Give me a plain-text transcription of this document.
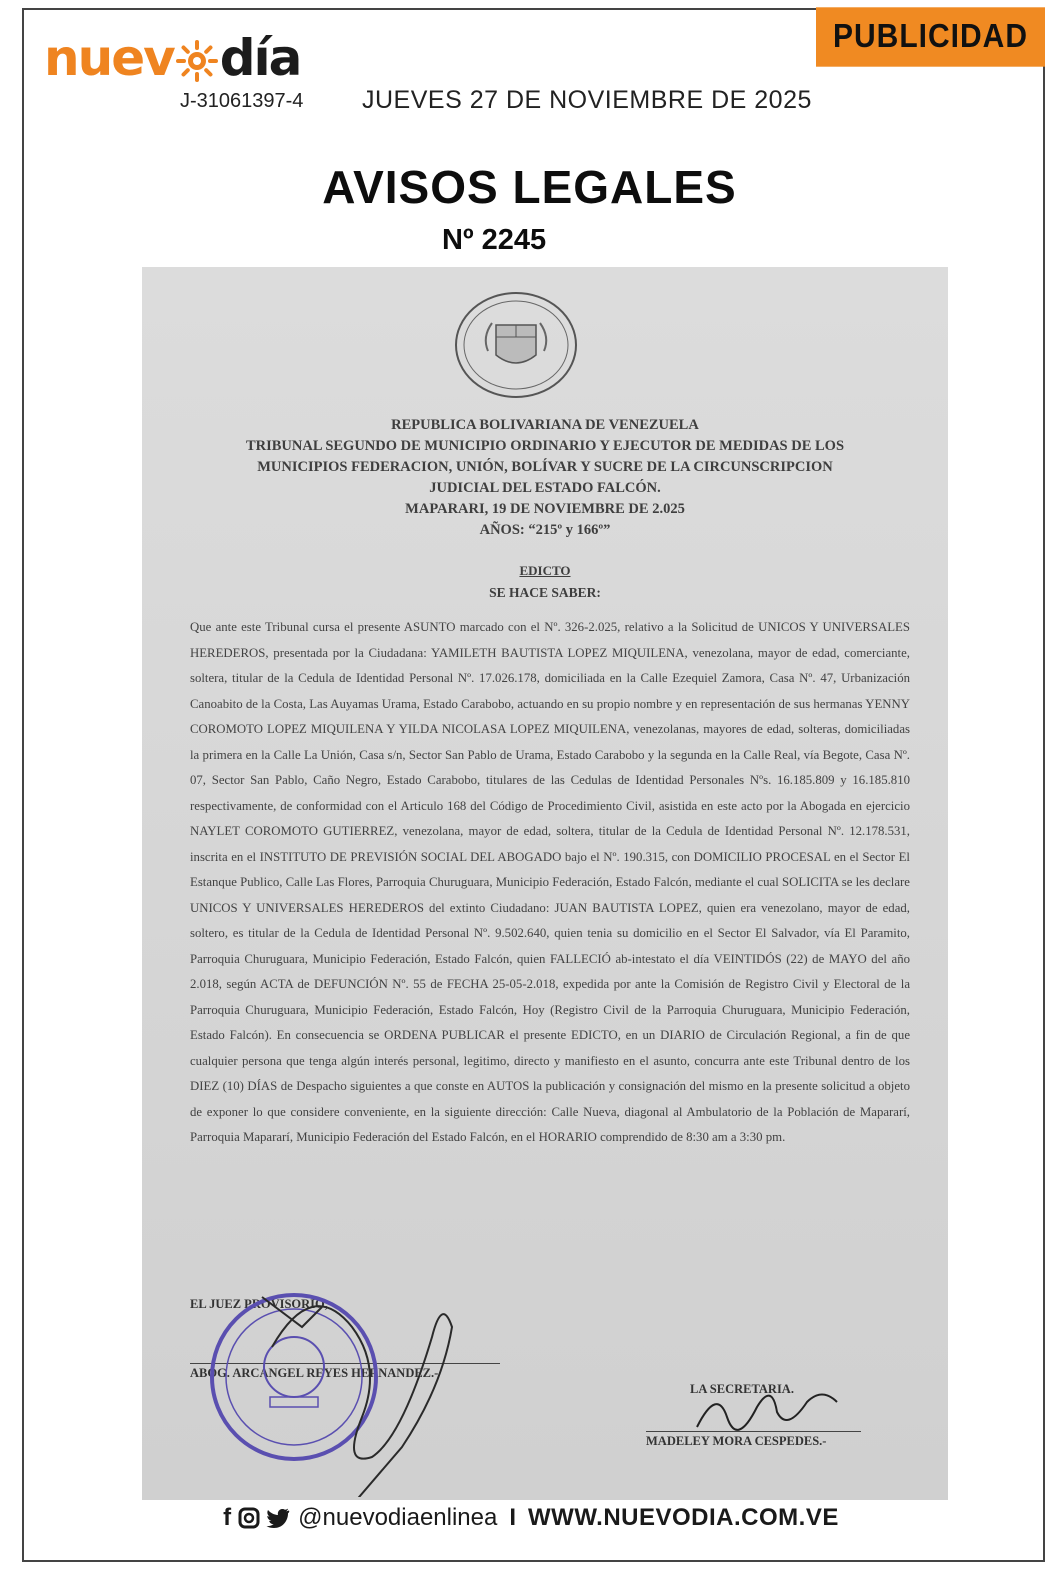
PUBLICIDAD
nuev día
J-31061397-4 JUEVES 27 DE NOVIEMBRE DE 2025
AVISOS LEGALES
Nº 2245
REPUBLICA BOLIVARIANA DE VENEZUELA
TRIBUNAL SEGUNDO DE MUNICIPIO ORDINARIO Y EJECUTOR DE MEDIDAS DE LOS
MUNICIPIOS FEDERACION, UNIÓN, BOLÍVAR Y SUCRE DE LA CIRCUNSCRIPCION
JUDICIAL DEL ESTADO FALCÓN.
MAPARARI, 19 DE NOVIEMBRE DE 2.025
AÑOS: “215º y 166º”
EDICTO
SE HACE SABER:
Que ante este Tribunal cursa el presente ASUNTO marcado con el Nº. 326-2.025, relativo a la Solicitud de UNICOS Y UNIVERSALES HEREDEROS, presentada por la Ciudadana: YAMILETH BAUTISTA LOPEZ MIQUILENA, venezolana, mayor de edad, comerciante, soltera, titular de la Cedula de Identidad Personal Nº. 17.026.178, domiciliada en la Calle Ezequiel Zamora, Casa Nº. 47, Urbanización Canoabito de la Costa, Las Auyamas Urama, Estado Carabobo, actuando en su propio nombre y en representación de sus hermanas YENNY COROMOTO LOPEZ MIQUILENA Y YILDA NICOLASA LOPEZ MIQUILENA, venezolanas, mayores de edad, solteras, domiciliadas la primera en la Calle La Unión, Casa s/n, Sector San Pablo de Urama, Estado Carabobo y la segunda en la Calle Real, vía Begote, Casa Nº. 07, Sector San Pablo, Caño Negro, Estado Carabobo, titulares de las Cedulas de Identidad Personales Nºs. 16.185.809 y 16.185.810 respectivamente, de conformidad con el Articulo 168 del Código de Procedimiento Civil, asistida en este acto por la Abogada en ejercicio NAYLET COROMOTO GUTIERREZ, venezolana, mayor de edad, soltera, titular de la Cedula de Identidad Personal Nº. 12.178.531, inscrita en el INSTITUTO DE PREVISIÓN SOCIAL DEL ABOGADO bajo el Nº. 190.315, con DOMICILIO PROCESAL en el Sector El Estanque Publico, Calle Las Flores, Parroquia Churuguara, Municipio Federación, Estado Falcón, mediante el cual SOLICITA se les declare UNICOS Y UNIVERSALES HEREDEROS del extinto Ciudadano: JUAN BAUTISTA LOPEZ, quien era venezolano, mayor de edad, soltero, es titular de la Cedula de Identidad Personal Nº. 9.502.640, quien tenia su domicilio en el Sector El Salvador, vía El Paramito, Parroquia Churuguara, Municipio Federación, Estado Falcón, quien FALLECIÓ ab-intestato el día VEINTIDÓS (22) de MAYO del año 2.018, según ACTA de DEFUNCIÓN Nº. 55 de FECHA 25-05-2.018, expedida por ante la Comisión de Registro Civil y Electoral de la Parroquia Churuguara, Municipio Federación, Estado Falcón, Hoy (Registro Civil de la Parroquia Churuguara, Municipio Federación, Estado Falcón). En consecuencia se ORDENA PUBLICAR el presente EDICTO, en un DIARIO de Circulación Regional, a fin de que cualquier persona que tenga algún interés personal, legitimo, directo y manifiesto en el asunto, concurra ante este Tribunal dentro de los DIEZ (10) DÍAS de Despacho siguientes a que conste en AUTOS la publicación y consignación del mismo en la presente solicitud a objeto de exponer lo que considere conveniente, en la siguiente dirección: Calle Nueva, diagonal al Ambulatorio de la Población de Mapararí, Parroquia Mapararí, Municipio Federación del Estado Falcón, en el HORARIO comprendido de 8:30 am a 3:30 pm.
EL JUEZ PROVISORIO,
ABOG. ARCANGEL REYES HERNANDEZ.-
LA SECRETARIA.
MADELEY MORA CESPEDES.-
f	@nuevodiaenlinea I WWW.NUEVODIA.COM.VE
